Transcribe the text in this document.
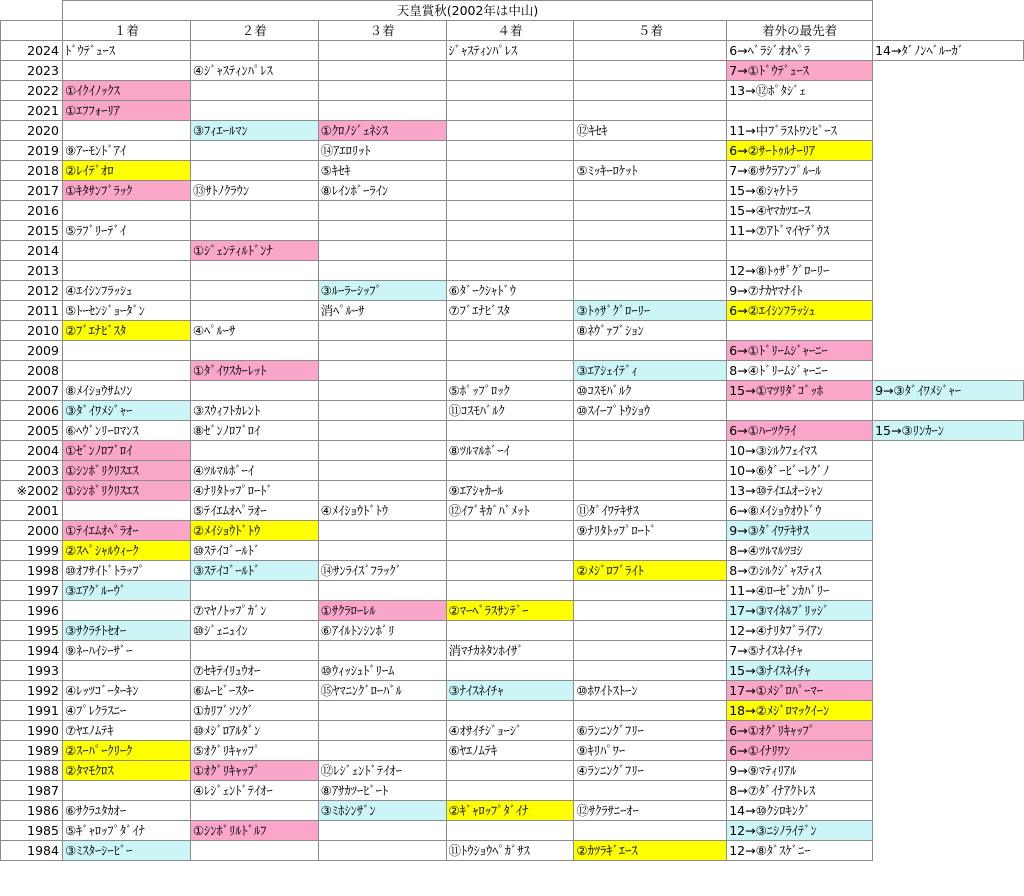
	天皇賞秋(2002年は中山)						
	１着	２着	３着	４着	５着	着外の最先着	
2024	ﾄﾞｳﾃﾞｭｰｽ			ｼﾞｬｽﾃｨﾝﾊﾟﾚｽ		6→ﾍﾞﾗｼﾞｵｵﾍﾟﾗ	14→ﾀﾞﾉﾝﾍﾞﾙｰｶﾞ
2023		④ｼﾞｬｽﾃｨﾝﾊﾟﾚｽ				7→①ﾄﾞｳﾃﾞｭｰｽ	
2022	①ｲｸｲﾉｯｸｽ					13→⑫ﾎﾟﾀｼﾞｪ	
2021	①ｴﾌﾌｫｰﾘｱ						
2020		③ﾌｨｴｰﾙﾏﾝ	①ｸﾛﾉｼﾞｪﾈｼｽ		⑫ｷｾｷ	11→中ﾌﾞﾗｽﾄﾜﾝﾋﾟｰｽ	
2019	⑨ｱｰﾓﾝﾄﾞｱｲ		⑭ｱｴﾛﾘｯﾄ			6→②ｻｰﾄｩﾙﾅｰﾘｱ	
2018	②ﾚｲﾃﾞｵﾛ		⑤ｷｾｷ		⑤ﾐｯｷｰﾛｹｯﾄ	7→⑥ｻｸﾗｱﾝﾌﾟﾙｰﾙ	
2017	①ｷﾀｻﾝﾌﾞﾗｯｸ	⑬ｻﾄﾉｸﾗｳﾝ	⑧ﾚｲﾝﾎﾞｰﾗｲﾝ			15→⑥ｼｬｹﾄﾗ	
2016						15→④ﾔﾏｶﾂｴｰｽ	
2015	⑤ﾗﾌﾞﾘｰﾃﾞｲ					11→⑦ｱﾄﾞﾏｲﾔﾃﾞｳｽ	
2014		①ｼﾞｪﾝﾃｨﾙﾄﾞﾝﾅ					
2013						12→⑧ﾄｩｻﾞｸﾞﾛｰﾘｰ	
2012	④ｴｲｼﾝﾌﾗｯｼｭ		③ﾙｰﾗｰｼｯﾌﾟ	⑥ﾀﾞｰｸｼｬﾄﾞｳ		9→⑦ﾅｶﾔﾏﾅｲﾄ	
2011	⑤ﾄｰｾﾝｼﾞｮｰﾀﾞﾝ		消ﾍﾟﾙｰｻ	⑦ﾌﾞｴﾅﾋﾞｽﾀ	③ﾄｩｻﾞｸﾞﾛｰﾘｰ	6→②ｴｲｼﾝﾌﾗｯｼｭ	
2010	②ﾌﾞｴﾅﾋﾞｽﾀ	④ﾍﾟﾙｰｻ			⑧ﾈｳﾞｧﾌﾞｼｮﾝ		
2009						6→①ﾄﾞﾘｰﾑｼﾞｬｰﾆｰ	
2008		①ﾀﾞｲﾜｽｶｰﾚｯﾄ			③ｴｱｼｪｲﾃﾞｨ	8→④ﾄﾞﾘｰﾑｼﾞｬｰﾆｰ	
2007	⑧ﾒｲｼｮｳｻﾑｿﾝ			⑤ﾎﾟｯﾌﾟﾛｯｸ	⑩ｺｽﾓﾊﾞﾙｸ	15→①ﾏﾂﾘﾀﾞｺﾞｯﾎ	9→③ﾀﾞｲﾜﾒｼﾞｬｰ
2006	③ﾀﾞｲﾜﾒｼﾞｬｰ	③ｽｳｨﾌﾄｶﾚﾝﾄ		⑪ｺｽﾓﾊﾞﾙｸ	⑩ｽｲｰﾌﾟﾄｳｼｮｳ		
2005	⑥ﾍｳﾞﾝﾘｰﾛﾏﾝｽ	⑧ｾﾞﾝﾉﾛﾌﾞﾛｲ				6→①ﾊｰﾂｸﾗｲ	15→③ﾘﾝｶｰﾝ
2004	①ｾﾞﾝﾉﾛﾌﾞﾛｲ			⑧ﾂﾙﾏﾙﾎﾞｰｲ		10→③ｼﾙｸﾌｪｲﾏｽ	
2003	①ｼﾝﾎﾞﾘｸﾘｽｴｽ	④ﾂﾙﾏﾙﾎﾞｰｲ				10→⑥ﾀﾞｰﾋﾞｰﾚｸﾞﾉ	
※2002	①ｼﾝﾎﾞﾘｸﾘｽｴｽ	④ﾅﾘﾀﾄｯﾌﾟﾛｰﾄﾞ		⑨ｴｱｼｬｶｰﾙ		13→⑩ﾃｲｴﾑｵｰｼｬﾝ	
2001		⑤ﾃｲｴﾑｵﾍﾟﾗｵｰ	④ﾒｲｼｮｳﾄﾞﾄｳ	⑫ｲﾌﾞｷｶﾞﾊﾞﾒｯﾄ	⑪ﾀﾞｲﾜﾃｷｻｽ	6→⑧ﾒｲｼｮｳｵｳﾄﾞｳ	
2000	①ﾃｲｴﾑｵﾍﾟﾗｵｰ	②ﾒｲｼｮｳﾄﾞﾄｳ			⑨ﾅﾘﾀﾄｯﾌﾟﾛｰﾄﾞ	9→③ﾀﾞｲﾜﾃｷｻｽ	
1999	②ｽﾍﾟｼｬﾙｳｨｰｸ	⑩ｽﾃｲｺﾞｰﾙﾄﾞ				8→④ﾂﾙﾏﾙﾂﾖｼ	
1998	⑩ｵﾌｻｲﾄﾞﾄﾗｯﾌﾟ	③ｽﾃｲｺﾞｰﾙﾄﾞ	⑭ｻﾝﾗｲｽﾞﾌﾗｯｸﾞ		②ﾒｼﾞﾛﾌﾞﾗｲﾄ	8→⑦ｼﾙｸｼﾞｬｽﾃｨｽ	
1997	③ｴｱｸﾞﾙｰｳﾞ					11→④ﾛｰｾﾞﾝｶﾊﾞﾘｰ	
1996		⑦ﾏﾔﾉﾄｯﾌﾟｶﾞﾝ	①ｻｸﾗﾛｰﾚﾙ	②ﾏｰﾍﾞﾗｽｻﾝﾃﾞｰ		17→③ﾏｲﾈﾙﾌﾞﾘｯｼﾞ	
1995	③ｻｸﾗﾁﾄｾｵｰ	⑩ｼﾞｪﾆｭｲﾝ	⑥ｱｲﾙﾄﾝｼﾝﾎﾞﾘ			12→④ﾅﾘﾀﾌﾞﾗｲｱﾝ	
1994	⑨ﾈｰﾊｲｼｰｻﾞｰ			消ﾏﾁｶﾈﾀﾝﾎｲｻﾞ		7→⑤ﾅｲｽﾈｲﾁｬ	
1993		⑦ｾｷﾃｲﾘｭｳｵｰ	⑩ｳｨｯｼｭﾄﾞﾘｰﾑ			15→③ﾅｲｽﾈｲﾁｬ	
1992	④ﾚｯﾂｺﾞｰﾀｰｷﾝ	⑥ﾑｰﾋﾞｰｽﾀｰ	⑮ﾔﾏﾆﾝｸﾞﾛｰﾊﾞﾙ	③ﾅｲｽﾈｲﾁｬ	⑩ﾎﾜｲﾄｽﾄｰﾝ	17→①ﾒｼﾞﾛﾊﾟｰﾏｰ	
1991	④ﾌﾟﾚｸﾗｽﾆｰ	①ｶﾘﾌﾞｿﾝｸﾞ				18→②ﾒｼﾞﾛﾏｯｸｲｰﾝ	
1990	⑦ﾔｴﾉﾑﾃｷ	⑩ﾒｼﾞﾛｱﾙﾀﾞﾝ		④ｵｻｲﾁｼﾞｮｰｼﾞ	⑥ﾗﾝﾆﾝｸﾞﾌﾘｰ	6→①ｵｸﾞﾘｷｬｯﾌﾟ	
1989	②ｽｰﾊﾟｰｸﾘｰｸ	⑤ｵｸﾞﾘｷｬｯﾌﾟ		⑥ﾔｴﾉﾑﾃｷ	⑨ｷﾘﾊﾟﾜｰ	6→①ｲﾅﾘﾜﾝ	
1988	②ﾀﾏﾓｸﾛｽ	①ｵｸﾞﾘｷｬｯﾌﾟ	⑫ﾚｼﾞｪﾝﾄﾞﾃｲｵｰ		④ﾗﾝﾆﾝｸﾞﾌﾘｰ	9→⑨ﾏﾃｨﾘｱﾙ	
1987		④ﾚｼﾞｪﾝﾄﾞﾃｲｵｰ	⑧ｱｻｶﾂｰﾋﾞｰﾄ			8→⑦ﾀﾞｲﾅｱｸﾄﾚｽ	
1986	⑥ｻｸﾗﾕﾀｶｵｰ		③ﾐﾎｼﾝｻﾞﾝ	②ｷﾞｬﾛｯﾌﾟﾀﾞｲﾅ	⑫ｻｸﾗｻﾆｰｵｰ	14→⑩ｸｼﾛｷﾝｸﾞ	
1985	⑤ｷﾞｬﾛｯﾌﾟﾀﾞｲﾅ	①ｼﾝﾎﾞﾘﾙﾄﾞﾙﾌ				12→③ﾆｼﾉﾗｲﾃﾞﾝ	
1984	③ﾐｽﾀｰｼｰﾋﾞｰ			⑪ﾄｳｼｮｳﾍﾟｶﾞｻｽ	②ｶﾂﾗｷﾞｴｰｽ	12→⑧ﾀﾞｽｹﾞﾆｰ	
